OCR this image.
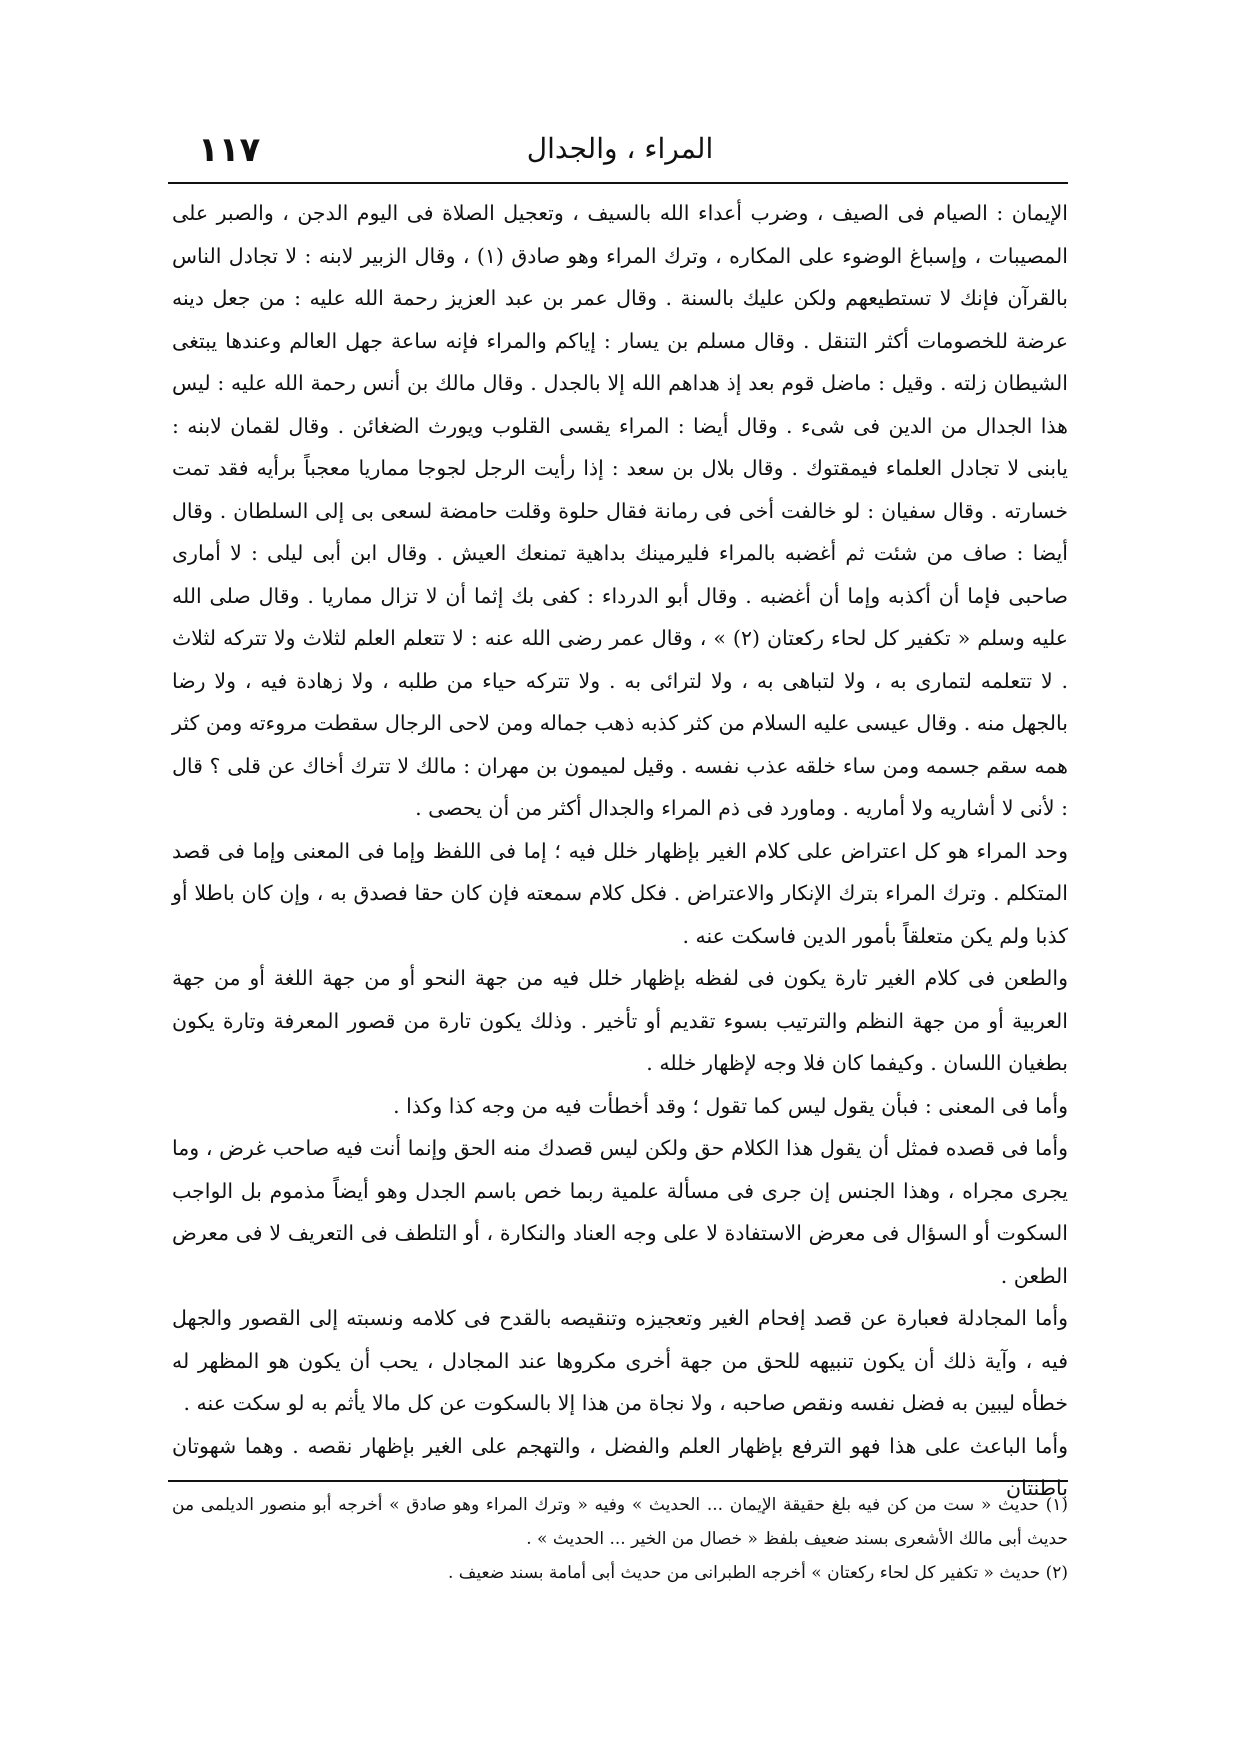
١١٧	المراء ، والجدال

الإيمان : الصيام فى الصيف ، وضرب أعداء الله بالسيف ، وتعجيل الصلاة فى اليوم الدجن ، والصبر على المصيبات ، وإسباغ الوضوء على المكاره ، وترك المراء وهو صادق (١) ، وقال الزبير لابنه : لا تجادل الناس بالقرآن فإنك لا تستطيعهم ولكن عليك بالسنة . وقال عمر بن عبد العزيز رحمة الله عليه : من جعل دينه عرضة للخصومات أكثر التنقل . وقال مسلم بن يسار : إياكم والمراء فإنه ساعة جهل العالم وعندها يبتغى الشيطان زلته . وقيل : ماضل قوم بعد إذ هداهم الله إلا بالجدل . وقال مالك بن أنس رحمة الله عليه : ليس هذا الجدال من الدين فى شىء . وقال أيضا : المراء يقسى القلوب ويورث الضغائن . وقال لقمان لابنه : يابنى لا تجادل العلماء فيمقتوك . وقال بلال بن سعد : إذا رأيت الرجل لجوجا مماريا معجباً برأيه فقد تمت خسارته . وقال سفيان : لو خالفت أخى فى رمانة فقال حلوة وقلت حامضة لسعى بى إلى السلطان . وقال أيضا : صاف من شئت ثم أغضبه بالمراء فليرمينك بداهية تمنعك العيش . وقال ابن أبى ليلى : لا أمارى صاحبى فإما أن أكذبه وإما أن أغضبه . وقال أبو الدرداء : كفى بك إثما أن لا تزال مماريا . وقال صلى الله عليه وسلم « تكفير كل لحاء ركعتان (٢) » ، وقال عمر رضى الله عنه : لا تتعلم العلم لثلاث ولا تتركه لثلاث . لا تتعلمه لتمارى به ، ولا لتباهى به ، ولا لترائى به . ولا تتركه حياء من طلبه ، ولا زهادة فيه ، ولا رضا بالجهل منه . وقال عيسى عليه السلام من كثر كذبه ذهب جماله ومن لاحى الرجال سقطت مروءته ومن كثر همه سقم جسمه ومن ساء خلقه عذب نفسه . وقيل لميمون بن مهران : مالك لا تترك أخاك عن قلى ؟ قال : لأنى لا أشاريه ولا أماريه . وماورد فى ذم المراء والجدال أكثر من أن يحصى .

وحد المراء هو كل اعتراض على كلام الغير بإظهار خلل فيه ؛ إما فى اللفظ وإما فى المعنى وإما فى قصد المتكلم . وترك المراء بترك الإنكار والاعتراض . فكل كلام سمعته فإن كان حقا فصدق به ، وإن كان باطلا أو كذبا ولم يكن متعلقاً بأمور الدين فاسكت عنه .

والطعن فى كلام الغير تارة يكون فى لفظه بإظهار خلل فيه من جهة النحو أو من جهة اللغة أو من جهة العربية أو من جهة النظم والترتيب بسوء تقديم أو تأخير . وذلك يكون تارة من قصور المعرفة وتارة يكون بطغيان اللسان . وكيفما كان فلا وجه لإظهار خلله .

وأما فى المعنى : فبأن يقول ليس كما تقول ؛ وقد أخطأت فيه من وجه كذا وكذا .

وأما فى قصده فمثل أن يقول هذا الكلام حق ولكن ليس قصدك منه الحق وإنما أنت فيه صاحب غرض ، وما يجرى مجراه ، وهذا الجنس إن جرى فى مسألة علمية ربما خص باسم الجدل وهو أيضاً مذموم بل الواجب السكوت أو السؤال فى معرض الاستفادة لا على وجه العناد والنكارة ، أو التلطف فى التعريف لا فى معرض الطعن .

وأما المجادلة فعبارة عن قصد إفحام الغير وتعجيزه وتنقيصه بالقدح فى كلامه ونسبته إلى القصور والجهل فيه ، وآية ذلك أن يكون تنبيهه للحق من جهة أخرى مكروها عند المجادل ، يحب أن يكون هو المظهر له خطأه ليبين به فضل نفسه ونقص صاحبه ، ولا نجاة من هذا إلا بالسكوت عن كل مالا يأثم به لو سكت عنه .

وأما الباعث على هذا فهو الترفع بإظهار العلم والفضل ، والتهجم على الغير بإظهار نقصه . وهما شهوتان باطنتان

(١) حديث « ست من كن فيه بلغ حقيقة الإيمان ... الحديث » وفيه « وترك المراء وهو صادق » أخرجه أبو منصور الديلمى من حديث أبى مالك الأشعرى بسند ضعيف بلفظ « خصال من الخير ... الحديث » .

(٢) حديث « تكفير كل لحاء ركعتان » أخرجه الطبرانى من حديث أبى أمامة بسند ضعيف .
